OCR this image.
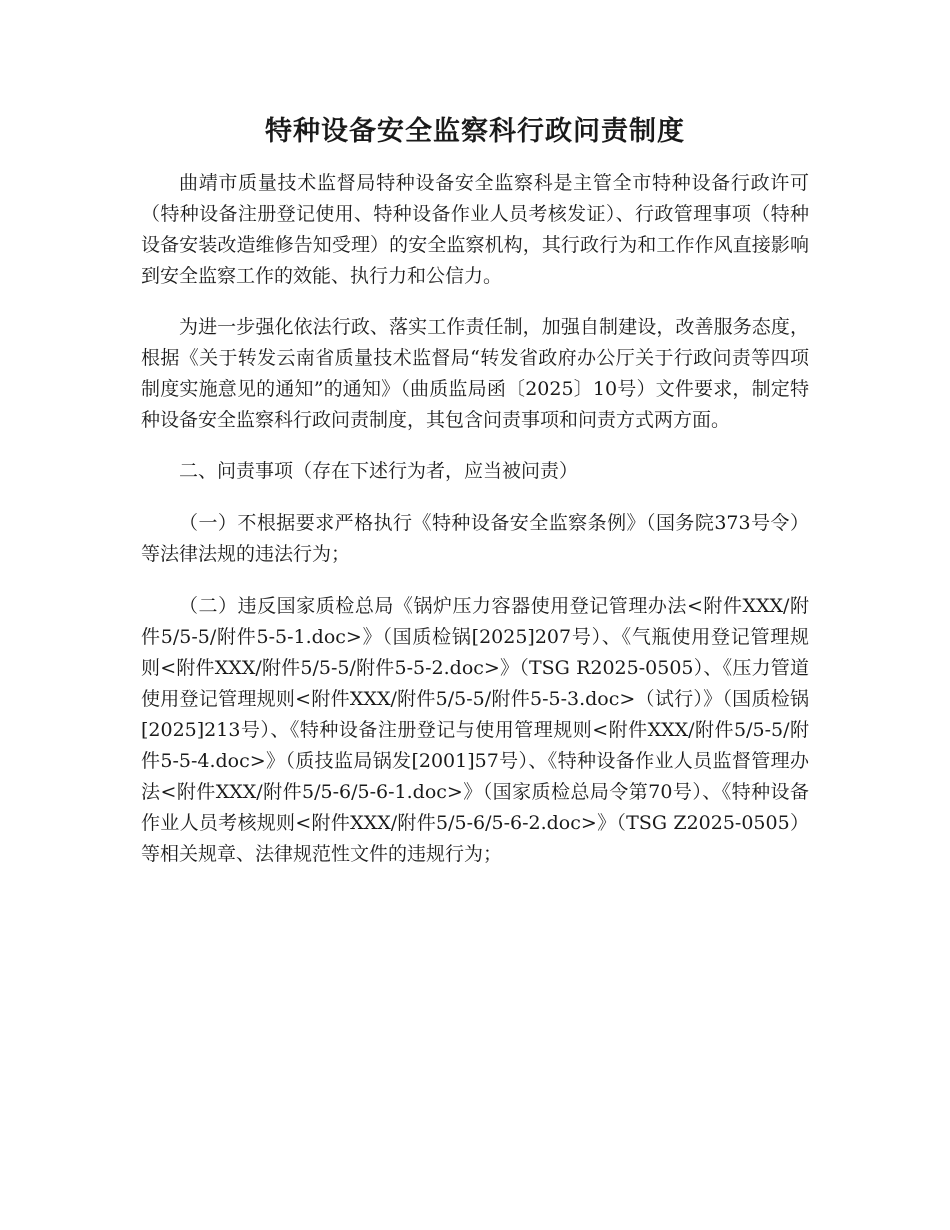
特种设备安全监察科行政问责制度

曲靖市质量技术监督局特种设备安全监察科是主管全市特种设备行政许可（特种设备注册登记使用、特种设备作业人员考核发证）、行政管理事项（特种设备安装改造维修告知受理）的安全监察机构，其行政行为和工作作风直接影响到安全监察工作的效能、执行力和公信力。

为进一步强化依法行政、落实工作责任制，加强自制建设，改善服务态度，根据《关于转发云南省质量技术监督局“转发省政府办公厅关于行政问责等四项制度实施意见的通知”的通知》（曲质监局函〔2025〕10号）文件要求，制定特种设备安全监察科行政问责制度，其包含问责事项和问责方式两方面。

二、问责事项（存在下述行为者，应当被问责）

（一）不根据要求严格执行《特种设备安全监察条例》（国务院373号令）等法律法规的违法行为；

（二）违反国家质检总局《锅炉压力容器使用登记管理办法<附件XXX/附件5/5-5/附件5-5-1.doc>》（国质检锅[2025]207号）、《气瓶使用登记管理规则<附件XXX/附件5/5-5/附件5-5-2.doc>》（TSG R2025-0505）、《压力管道使用登记管理规则<附件XXX/附件5/5-5/附件5-5-3.doc>（试行）》（国质检锅[2025]213号）、《特种设备注册登记与使用管理规则<附件XXX/附件5/5-5/附件5-5-4.doc>》（质技监局锅发[2001]57号）、《特种设备作业人员监督管理办法<附件XXX/附件5/5-6/5-6-1.doc>》（国家质检总局令第70号）、《特种设备作业人员考核规则<附件XXX/附件5/5-6/5-6-2.doc>》（TSG Z2025-0505）等相关规章、法律规范性文件的违规行为；
